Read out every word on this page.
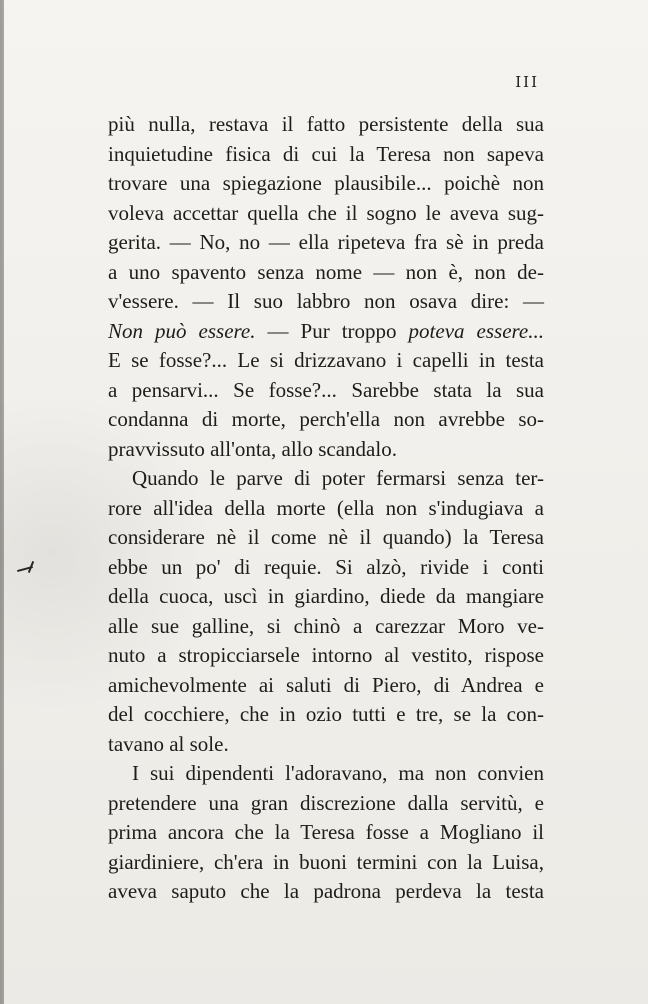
III
più nulla, restava il fatto persistente della sua
inquietudine fisica di cui la Teresa non sapeva
trovare una spiegazione plausibile... poichè non
voleva accettar quella che il sogno le aveva sug-
gerita. — No, no — ella ripeteva fra sè in preda
a uno spavento senza nome — non è, non de-
v'essere. — Il suo labbro non osava dire: —
Non può essere. — Pur troppo poteva essere...
E se fosse?... Le si drizzavano i capelli in testa
a pensarvi... Se fosse?... Sarebbe stata la sua
condanna di morte, perch'ella non avrebbe so-
pravvissuto all'onta, allo scandalo.
Quando le parve di poter fermarsi senza ter-
rore all'idea della morte (ella non s'indugiava a
considerare nè il come nè il quando) la Teresa
ebbe un po' di requie. Si alzò, rivide i conti
della cuoca, uscì in giardino, diede da mangiare
alle sue galline, si chinò a carezzar Moro ve-
nuto a stropicciarsele intorno al vestito, rispose
amichevolmente ai saluti di Piero, di Andrea e
del cocchiere, che in ozio tutti e tre, se la con-
tavano al sole.
I sui dipendenti l'adoravano, ma non convien
pretendere una gran discrezione dalla servitù, e
prima ancora che la Teresa fosse a Mogliano il
giardiniere, ch'era in buoni termini con la Luisa,
aveva saputo che la padrona perdeva la testa
